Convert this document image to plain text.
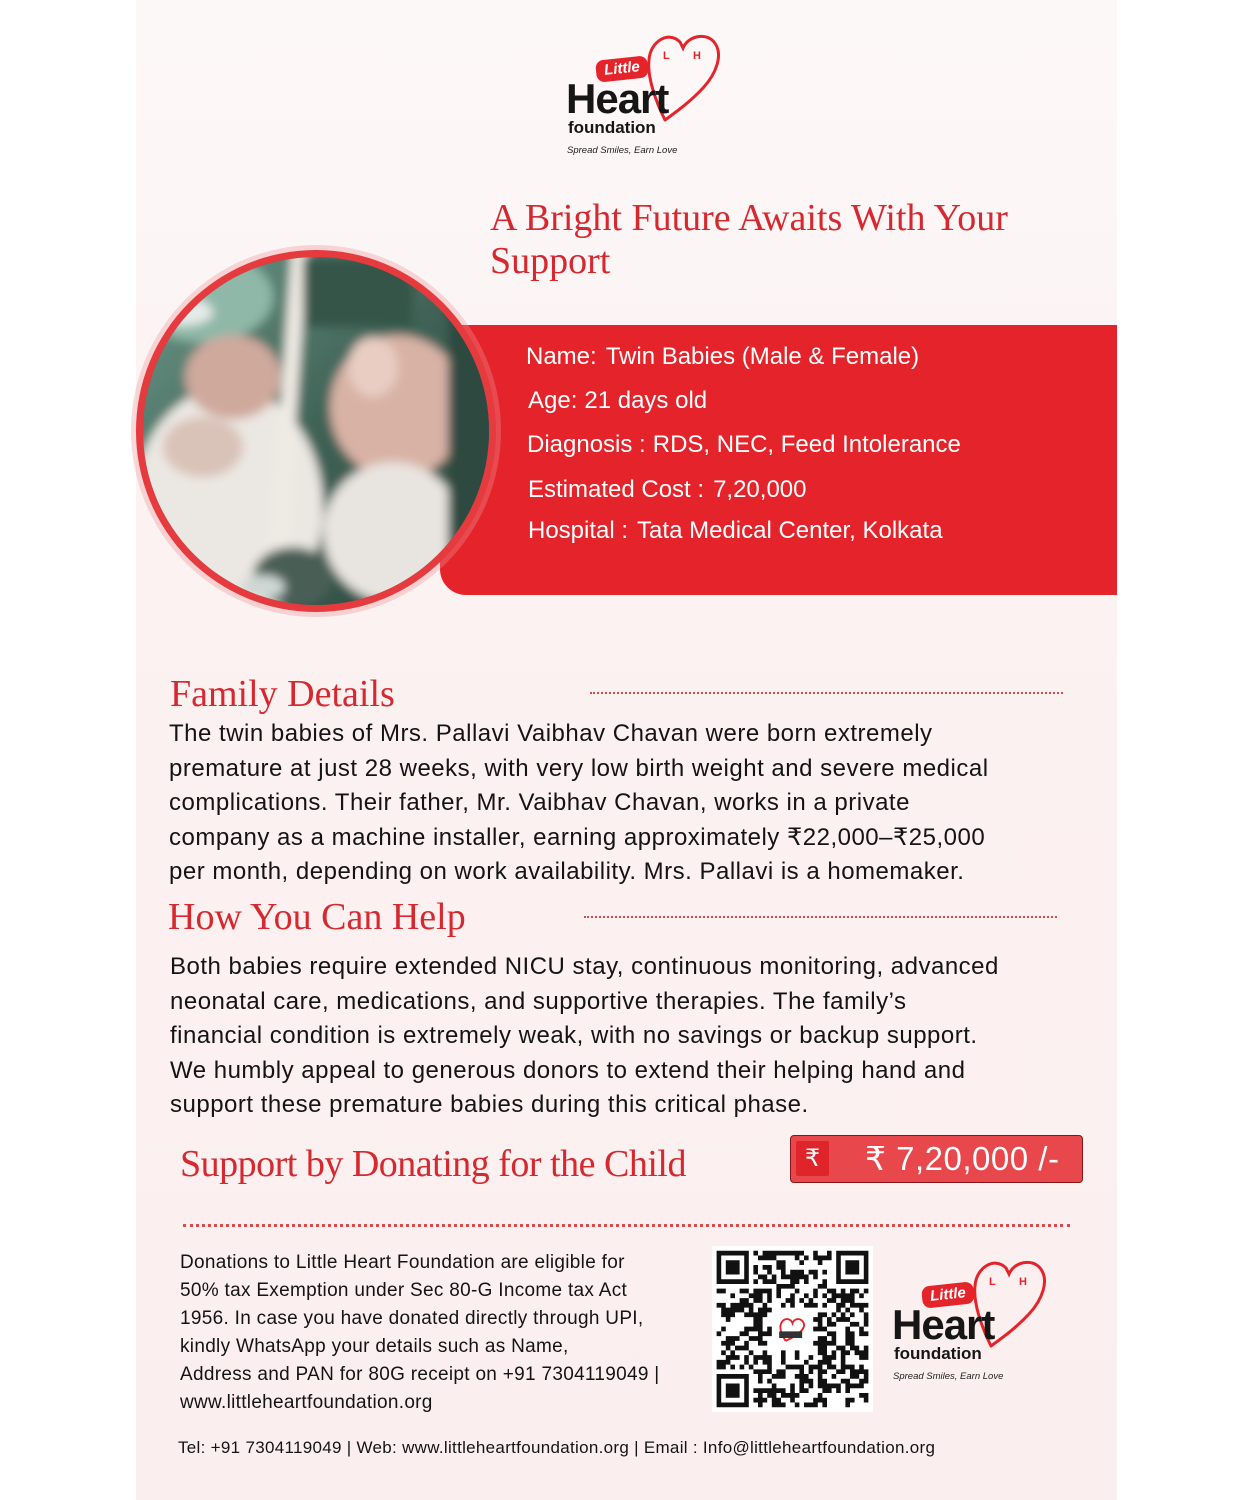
L H
Little
Heart
foundation
Spread Smiles, Earn Love
A Bright Future Awaits With Your Support
Name: Twin Babies (Male & Female)
Age: 21 days old
Diagnosis : RDS, NEC, Feed Intolerance
Estimated Cost : 7,20,000
Hospital : Tata Medical Center, Kolkata
Family Details
The twin babies of Mrs. Pallavi Vaibhav Chavan were born extremely
premature at just 28 weeks, with very low birth weight and severe medical
complications. Their father, Mr. Vaibhav Chavan, works in a private
company as a machine installer, earning approximately ₹22,000–₹25,000
per month, depending on work availability. Mrs. Pallavi is a homemaker.
How You Can Help
Both babies require extended NICU stay, continuous monitoring, advanced
neonatal care, medications, and supportive therapies. The family’s
financial condition is extremely weak, with no savings or backup support.
We humbly appeal to generous donors to extend their helping hand and
support these premature babies during this critical phase.
Support by Donating for the Child	₹ ₹ 7,20,000 /-
Donations to Little Heart Foundation are eligible for
50% tax Exemption under Sec 80-G Income tax Act
1956. In case you have donated directly through UPI,
kindly WhatsApp your details such as Name,
Address and PAN for 80G receipt on +91 7304119049 |
www.littleheartfoundation.org
L H
Little
Heart
foundation
Spread Smiles, Earn Love
Tel: +91 7304119049 | Web: www.littleheartfoundation.org | Email : Info@littleheartfoundation.org
